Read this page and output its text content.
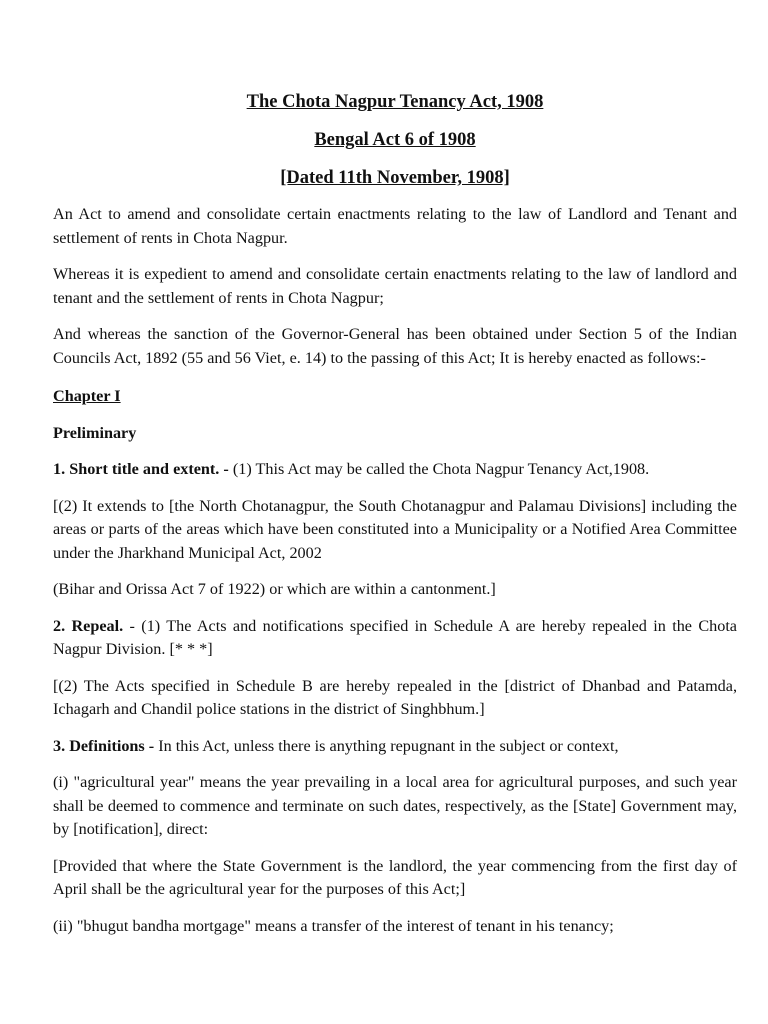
The Chota Nagpur Tenancy Act, 1908
Bengal Act 6 of 1908
[Dated 11th November, 1908]

An Act to amend and consolidate certain enactments relating to the law of Landlord and Tenant and settlement of rents in Chota Nagpur.

Whereas it is expedient to amend and consolidate certain enactments relating to the law of landlord and tenant and the settlement of rents in Chota Nagpur;

And whereas the sanction of the Governor-General has been obtained under Section 5 of the Indian Councils Act, 1892 (55 and 56 Viet, e. 14) to the passing of this Act; It is hereby enacted as follows:-

Chapter I

Preliminary

1. Short title and extent. - (1) This Act may be called the Chota Nagpur Tenancy Act,1908.

[(2) It extends to [the North Chotanagpur, the South Chotanagpur and Palamau Divisions] including the areas or parts of the areas which have been constituted into a Municipality or a Notified Area Committee under the Jharkhand Municipal Act, 2002

(Bihar and Orissa Act 7 of 1922) or which are within a cantonment.]

2. Repeal. - (1) The Acts and notifications specified in Schedule A are hereby repealed in the Chota Nagpur Division. [* * *]

[(2) The Acts specified in Schedule B are hereby repealed in the [district of Dhanbad and Patamda, Ichagarh and Chandil police stations in the district of Singhbhum.]

3. Definitions - In this Act, unless there is anything repugnant in the subject or context,

(i) "agricultural year" means the year prevailing in a local area for agricultural purposes, and such year shall be deemed to commence and terminate on such dates, respectively, as the [State] Government may, by [notification], direct:

[Provided that where the State Government is the landlord, the year commencing from the first day of April shall be the agricultural year for the purposes of this Act;]

(ii) "bhugut bandha mortgage" means a transfer of the interest of tenant in his tenancy;
